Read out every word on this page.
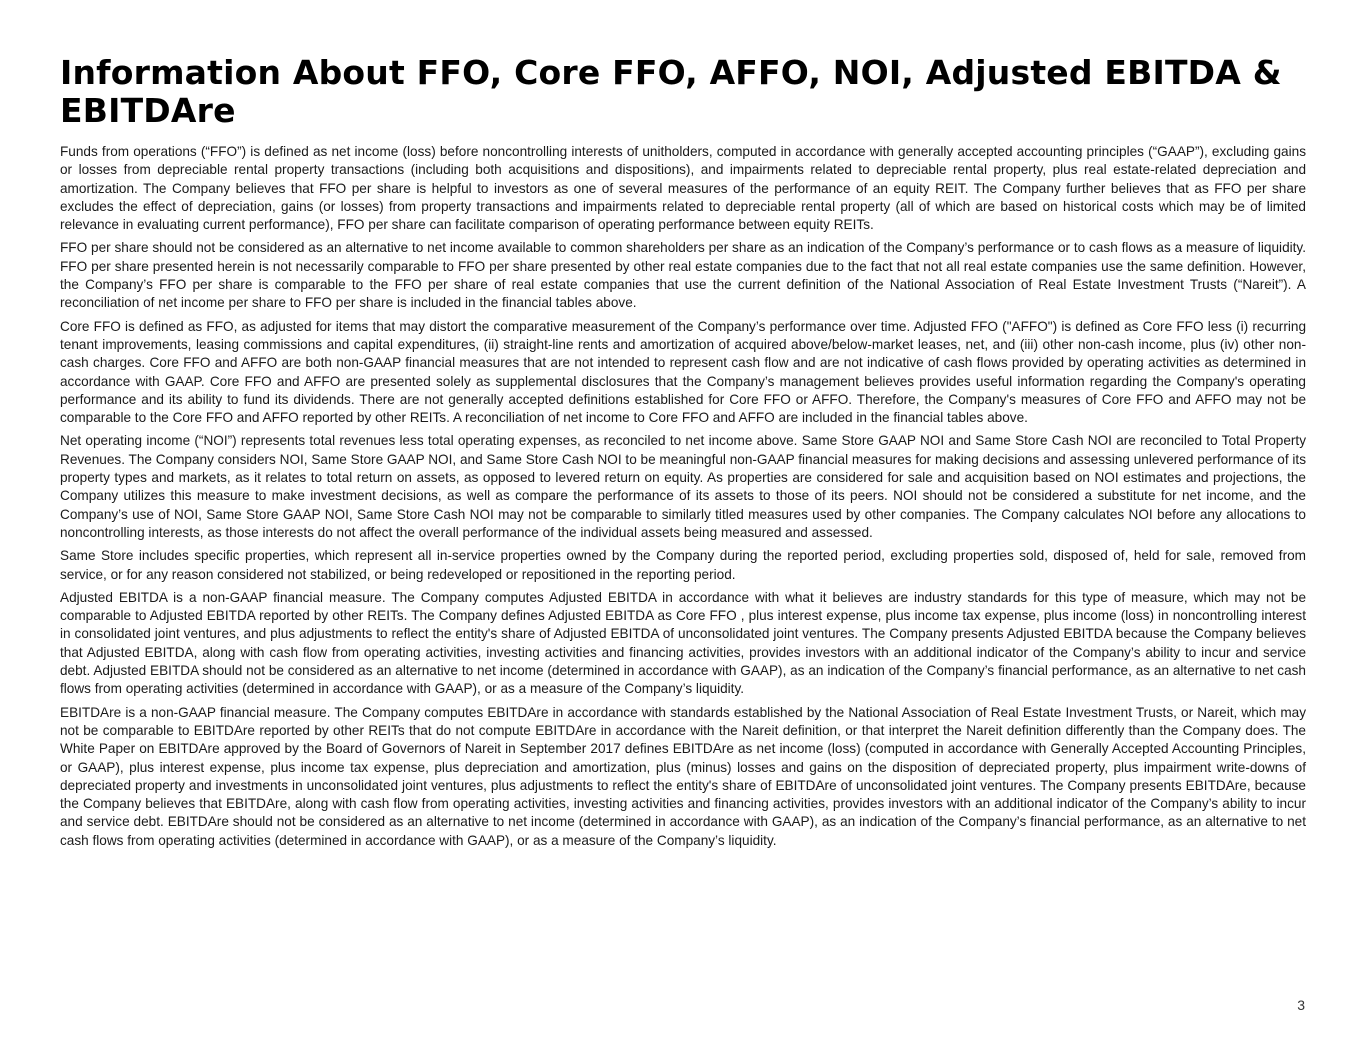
Information About FFO, Core FFO, AFFO, NOI, Adjusted EBITDA & EBITDAre

Funds from operations (“FFO”) is defined as net income (loss) before noncontrolling interests of unitholders, computed in accordance with generally accepted accounting principles (“GAAP”), excluding gains or losses from depreciable rental property transactions (including both acquisitions and dispositions), and impairments related to depreciable rental property, plus real estate-related depreciation and amortization. The Company believes that FFO per share is helpful to investors as one of several measures of the performance of an equity REIT. The Company further believes that as FFO per share excludes the effect of depreciation, gains (or losses) from property transactions and impairments related to depreciable rental property (all of which are based on historical costs which may be of limited relevance in evaluating current performance), FFO per share can facilitate comparison of operating performance between equity REITs.

FFO per share should not be considered as an alternative to net income available to common shareholders per share as an indication of the Company’s performance or to cash flows as a measure of liquidity. FFO per share presented herein is not necessarily comparable to FFO per share presented by other real estate companies due to the fact that not all real estate companies use the same definition. However, the Company’s FFO per share is comparable to the FFO per share of real estate companies that use the current definition of the National Association of Real Estate Investment Trusts (“Nareit”). A reconciliation of net income per share to FFO per share is included in the financial tables above.

Core FFO is defined as FFO, as adjusted for items that may distort the comparative measurement of the Company’s performance over time. Adjusted FFO ("AFFO") is defined as Core FFO less (i) recurring tenant improvements, leasing commissions and capital expenditures, (ii) straight-line rents and amortization of acquired above/below-market leases, net, and (iii) other non-cash income, plus (iv) other non-cash charges. Core FFO and AFFO are both non-GAAP financial measures that are not intended to represent cash flow and are not indicative of cash flows provided by operating activities as determined in accordance with GAAP. Core FFO and AFFO are presented solely as supplemental disclosures that the Company’s management believes provides useful information regarding the Company's operating performance and its ability to fund its dividends. There are not generally accepted definitions established for Core FFO or AFFO. Therefore, the Company's measures of Core FFO and AFFO may not be comparable to the Core FFO and AFFO reported by other REITs. A reconciliation of net income to Core FFO and AFFO are included in the financial tables above.

Net operating income (“NOI”) represents total revenues less total operating expenses, as reconciled to net income above. Same Store GAAP NOI and Same Store Cash NOI are reconciled to Total Property Revenues. The Company considers NOI, Same Store GAAP NOI, and Same Store Cash NOI to be meaningful non-GAAP financial measures for making decisions and assessing unlevered performance of its property types and markets, as it relates to total return on assets, as opposed to levered return on equity. As properties are considered for sale and acquisition based on NOI estimates and projections, the Company utilizes this measure to make investment decisions, as well as compare the performance of its assets to those of its peers. NOI should not be considered a substitute for net income, and the Company’s use of NOI, Same Store GAAP NOI, Same Store Cash NOI may not be comparable to similarly titled measures used by other companies. The Company calculates NOI before any allocations to noncontrolling interests, as those interests do not affect the overall performance of the individual assets being measured and assessed.

Same Store includes specific properties, which represent all in-service properties owned by the Company during the reported period, excluding properties sold, disposed of, held for sale, removed from service, or for any reason considered not stabilized, or being redeveloped or repositioned in the reporting period.

Adjusted EBITDA is a non-GAAP financial measure. The Company computes Adjusted EBITDA in accordance with what it believes are industry standards for this type of measure, which may not be comparable to Adjusted EBITDA reported by other REITs. The Company defines Adjusted EBITDA as Core FFO , plus interest expense, plus income tax expense, plus income (loss) in noncontrolling interest in consolidated joint ventures, and plus adjustments to reflect the entity's share of Adjusted EBITDA of unconsolidated joint ventures. The Company presents Adjusted EBITDA because the Company believes that Adjusted EBITDA, along with cash flow from operating activities, investing activities and financing activities, provides investors with an additional indicator of the Company’s ability to incur and service debt. Adjusted EBITDA should not be considered as an alternative to net income (determined in accordance with GAAP), as an indication of the Company’s financial performance, as an alternative to net cash flows from operating activities (determined in accordance with GAAP), or as a measure of the Company’s liquidity.

EBITDAre is a non-GAAP financial measure. The Company computes EBITDAre in accordance with standards established by the National Association of Real Estate Investment Trusts, or Nareit, which may not be comparable to EBITDAre reported by other REITs that do not compute EBITDAre in accordance with the Nareit definition, or that interpret the Nareit definition differently than the Company does. The White Paper on EBITDAre approved by the Board of Governors of Nareit in September 2017 defines EBITDAre as net income (loss) (computed in accordance with Generally Accepted Accounting Principles, or GAAP), plus interest expense, plus income tax expense, plus depreciation and amortization, plus (minus) losses and gains on the disposition of depreciated property, plus impairment write-downs of depreciated property and investments in unconsolidated joint ventures, plus adjustments to reflect the entity's share of EBITDAre of unconsolidated joint ventures. The Company presents EBITDAre, because the Company believes that EBITDAre, along with cash flow from operating activities, investing activities and financing activities, provides investors with an additional indicator of the Company’s ability to incur and service debt. EBITDAre should not be considered as an alternative to net income (determined in accordance with GAAP), as an indication of the Company’s financial performance, as an alternative to net cash flows from operating activities (determined in accordance with GAAP), or as a measure of the Company’s liquidity.

3
